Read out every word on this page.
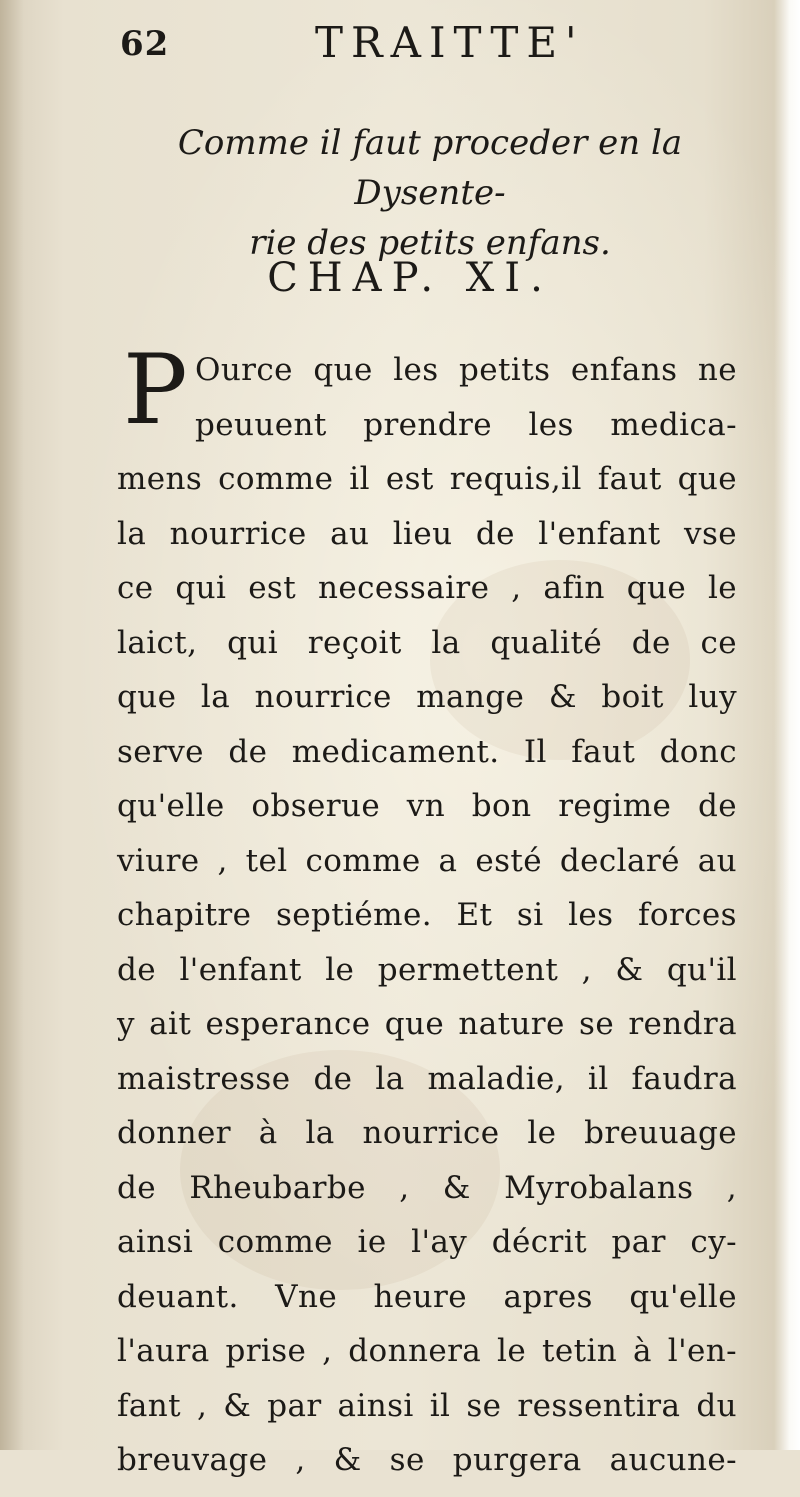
62	TRAITTE'
Comme il faut proceder en la Dysente-
rie des petits enfans.
CHAP. XI.
P Ource que les petits enfans ne
peuuent prendre les medica-
mens comme il est requis,il faut que
la nourrice au lieu de l'enfant vse
ce qui est necessaire , afin que le
laict, qui reçoit la qualité de ce
que la nourrice mange & boit luy
serve de medicament. Il faut donc
qu'elle obserue vn bon regime de
viure , tel comme a esté declaré au
chapitre septiéme. Et si les forces
de l'enfant le permettent , & qu'il
y ait esperance que nature se rendra
maistresse de la maladie, il faudra
donner à la nourrice le breuuage
de Rheubarbe , & Myrobalans ,
ainsi comme ie l'ay décrit par cy-
deuant. Vne heure apres qu'elle
l'aura prise , donnera le tetin à l'en-
fant , & par ainsi il se ressentira du
breuvage , & se purgera aucune-
